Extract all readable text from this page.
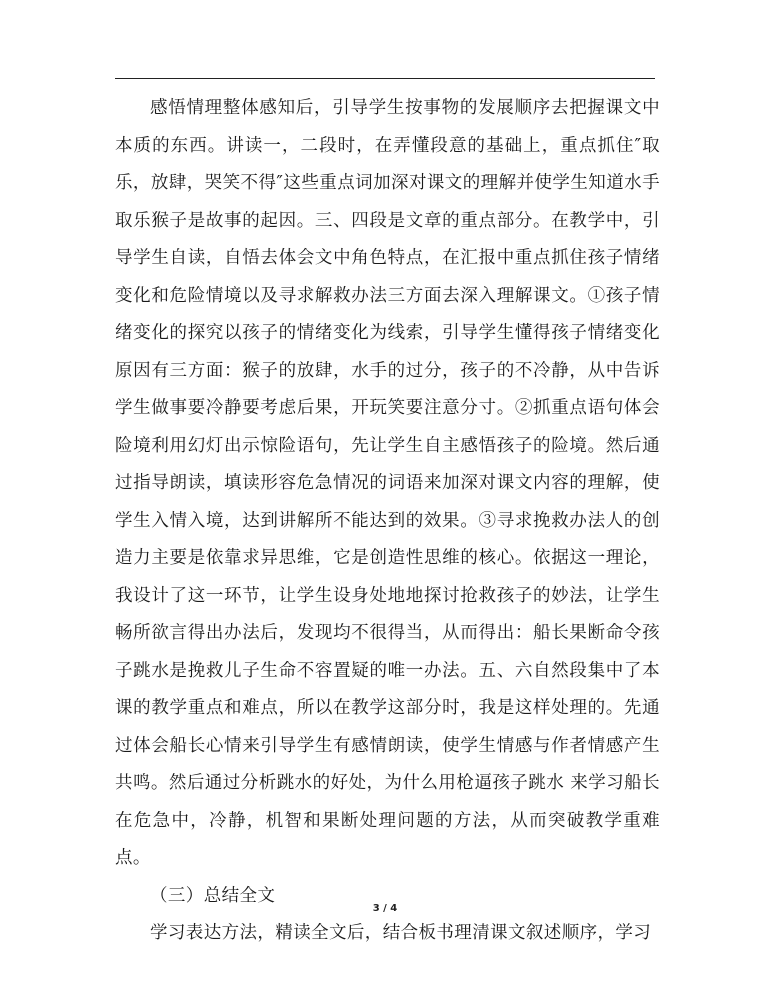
感悟情理整体感知后，引导学生按事物的发展顺序去把握课文中本质的东西。讲读一，二段时，在弄懂段意的基础上，重点抓住″取乐，放肆，哭笑不得″这些重点词加深对课文的理解并使学生知道水手取乐猴子是故事的起因。三、四段是文章的重点部分。在教学中，引导学生自读，自悟去体会文中角色特点，在汇报中重点抓住孩子情绪变化和危险情境以及寻求解救办法三方面去深入理解课文。①孩子情绪变化的探究以孩子的情绪变化为线索，引导学生懂得孩子情绪变化原因有三方面：猴子的放肆，水手的过分，孩子的不冷静，从中告诉学生做事要冷静要考虑后果，开玩笑要注意分寸。②抓重点语句体会险境利用幻灯出示惊险语句，先让学生自主感悟孩子的险境。然后通过指导朗读，填读形容危急情况的词语来加深对课文内容的理解，使学生入情入境，达到讲解所不能达到的效果。③寻求挽救办法人的创造力主要是依靠求异思维，它是创造性思维的核心。依据这一理论，我设计了这一环节，让学生设身处地地探讨抢救孩子的妙法，让学生畅所欲言得出办法后，发现均不很得当，从而得出：船长果断命令孩子跳水是挽救儿子生命不容置疑的唯一办法。五、六自然段集中了本课的教学重点和难点，所以在教学这部分时，我是这样处理的。先通过体会船长心情来引导学生有感情朗读，使学生情感与作者情感产生共鸣。然后通过分析跳水的好处，为什么用枪逼孩子跳水 来学习船长在危急中，冷静，机智和果断处理问题的方法，从而突破教学重难点。

（三）总结全文

学习表达方法，精读全文后，结合板书理清课文叙述顺序，学习

3 / 4
